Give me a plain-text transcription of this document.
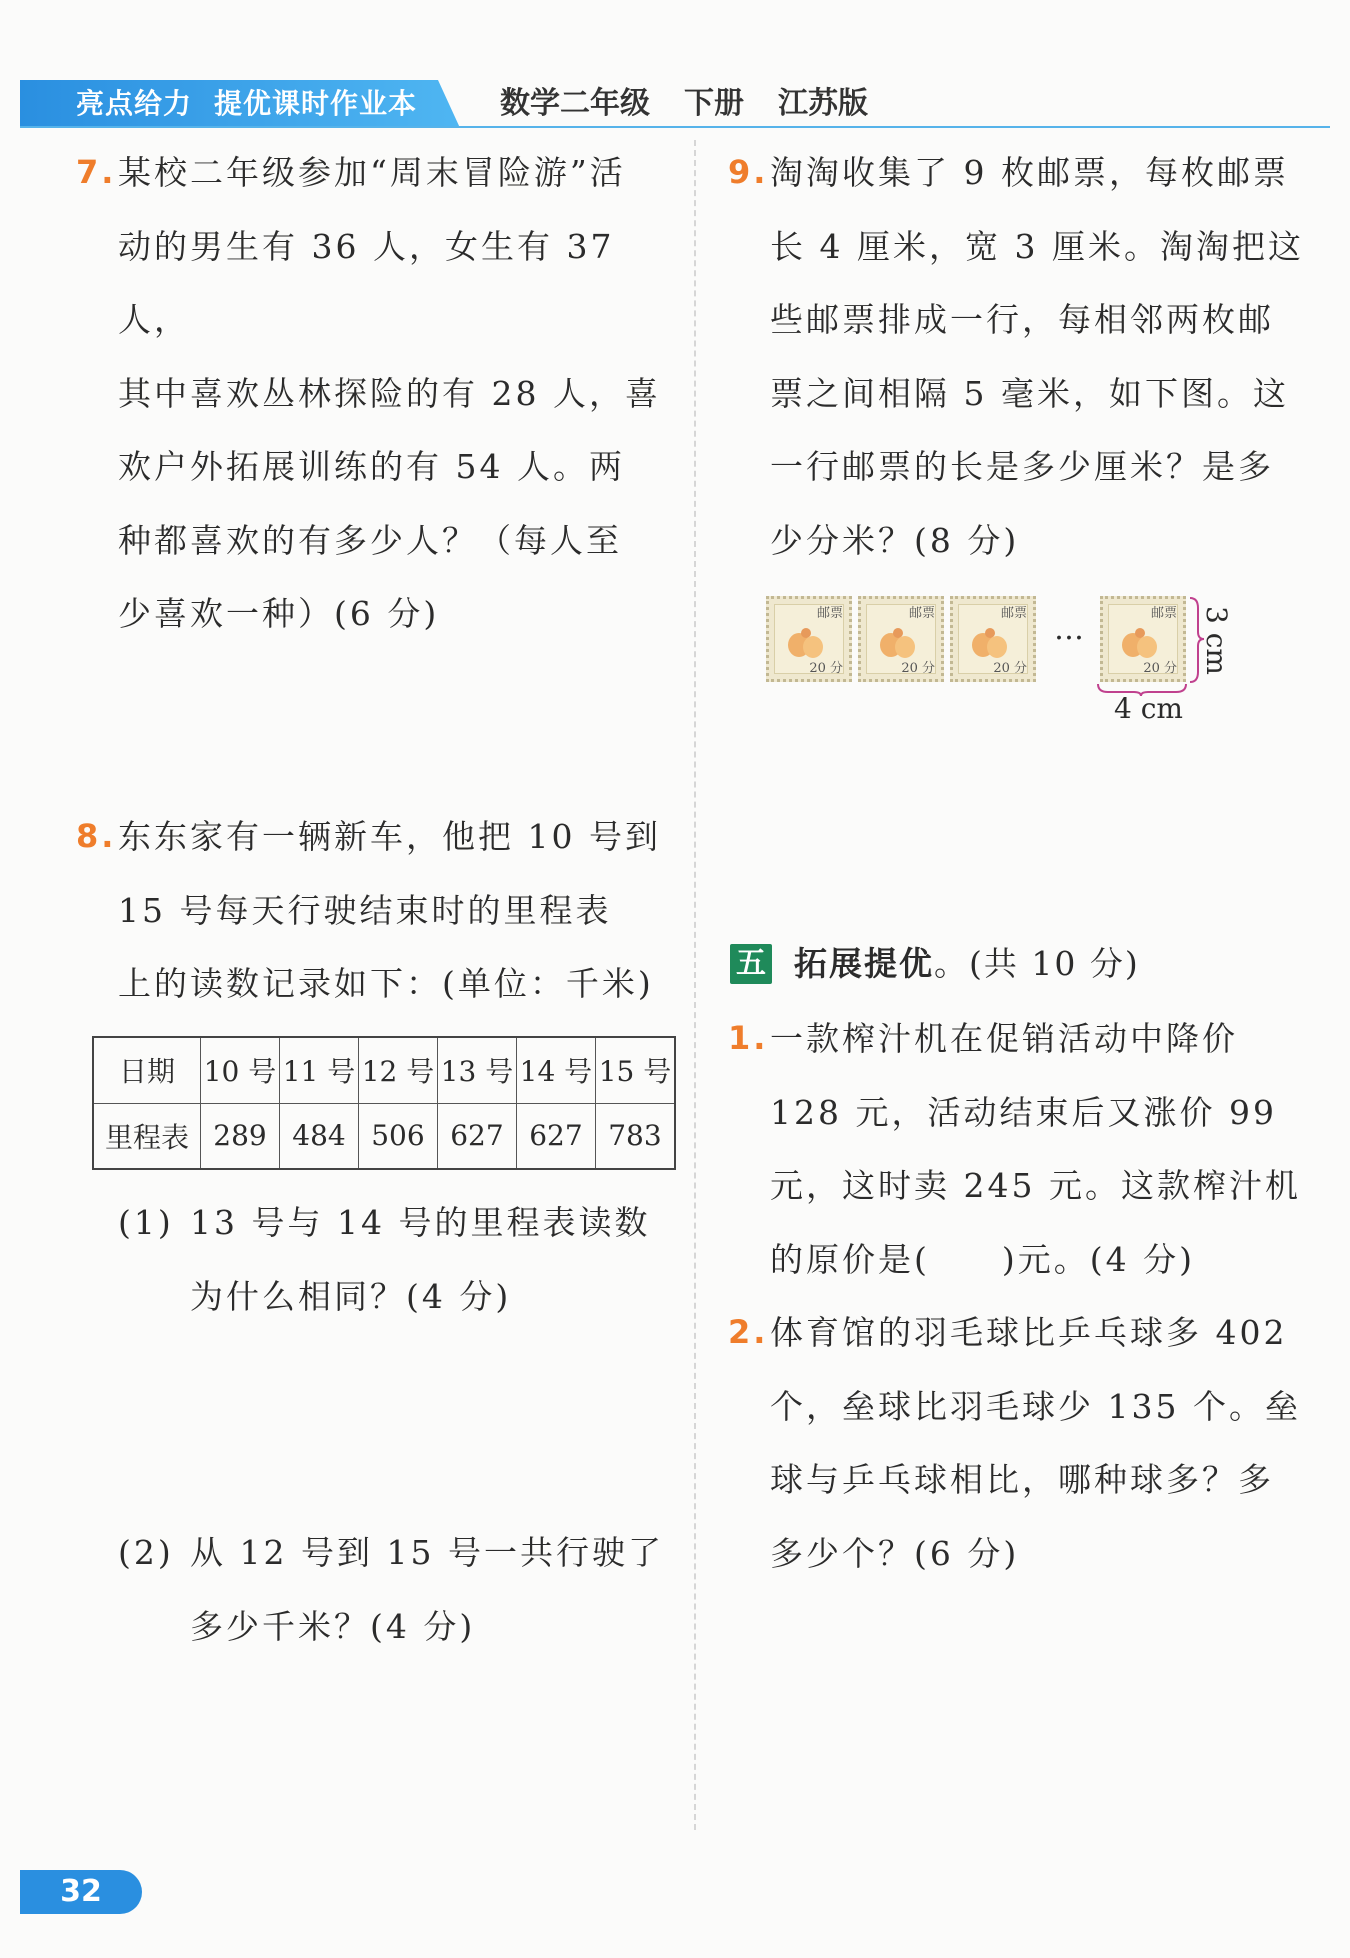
亮点给力 提优课时作业本	数学二年级 下册 江苏版
7. 某校二年级参加“周末冒险游”活
动的男生有 36 人，女生有 37 人，
其中喜欢丛林探险的有 28 人，喜
欢户外拓展训练的有 54 人。两
种都喜欢的有多少人？（每人至
少喜欢一种）(6 分)
8. 东东家有一辆新车，他把 10 号到
15 号每天行驶结束时的里程表
上的读数记录如下：(单位：千米)
日期	10 号	11 号	12 号	13 号	14 号	15 号
里程表	289	484	506	627	627	783
(1) 13 号与 14 号的里程表读数
为什么相同？(4 分)
(2) 从 12 号到 15 号一共行驶了
多少千米？(4 分)
9. 淘淘收集了 9 枚邮票，每枚邮票
长 4 厘米，宽 3 厘米。淘淘把这
些邮票排成一行，每相邻两枚邮
票之间相隔 5 毫米，如下图。这
一行邮票的长是多少厘米？是多
少分米？(8 分)
邮票
20 分
邮票
20 分
邮票
20 分
…	邮票
20 分 3 cm
4 cm
五 拓展提优。(共 10 分)
1. 一款榨汁机在促销活动中降价
128 元，活动结束后又涨价 99
元，这时卖 245 元。这款榨汁机
的原价是(　　)元。(4 分)
2. 体育馆的羽毛球比乒乓球多 402
个，垒球比羽毛球少 135 个。垒
球与乒乓球相比，哪种球多？多
多少个？(6 分)
32
